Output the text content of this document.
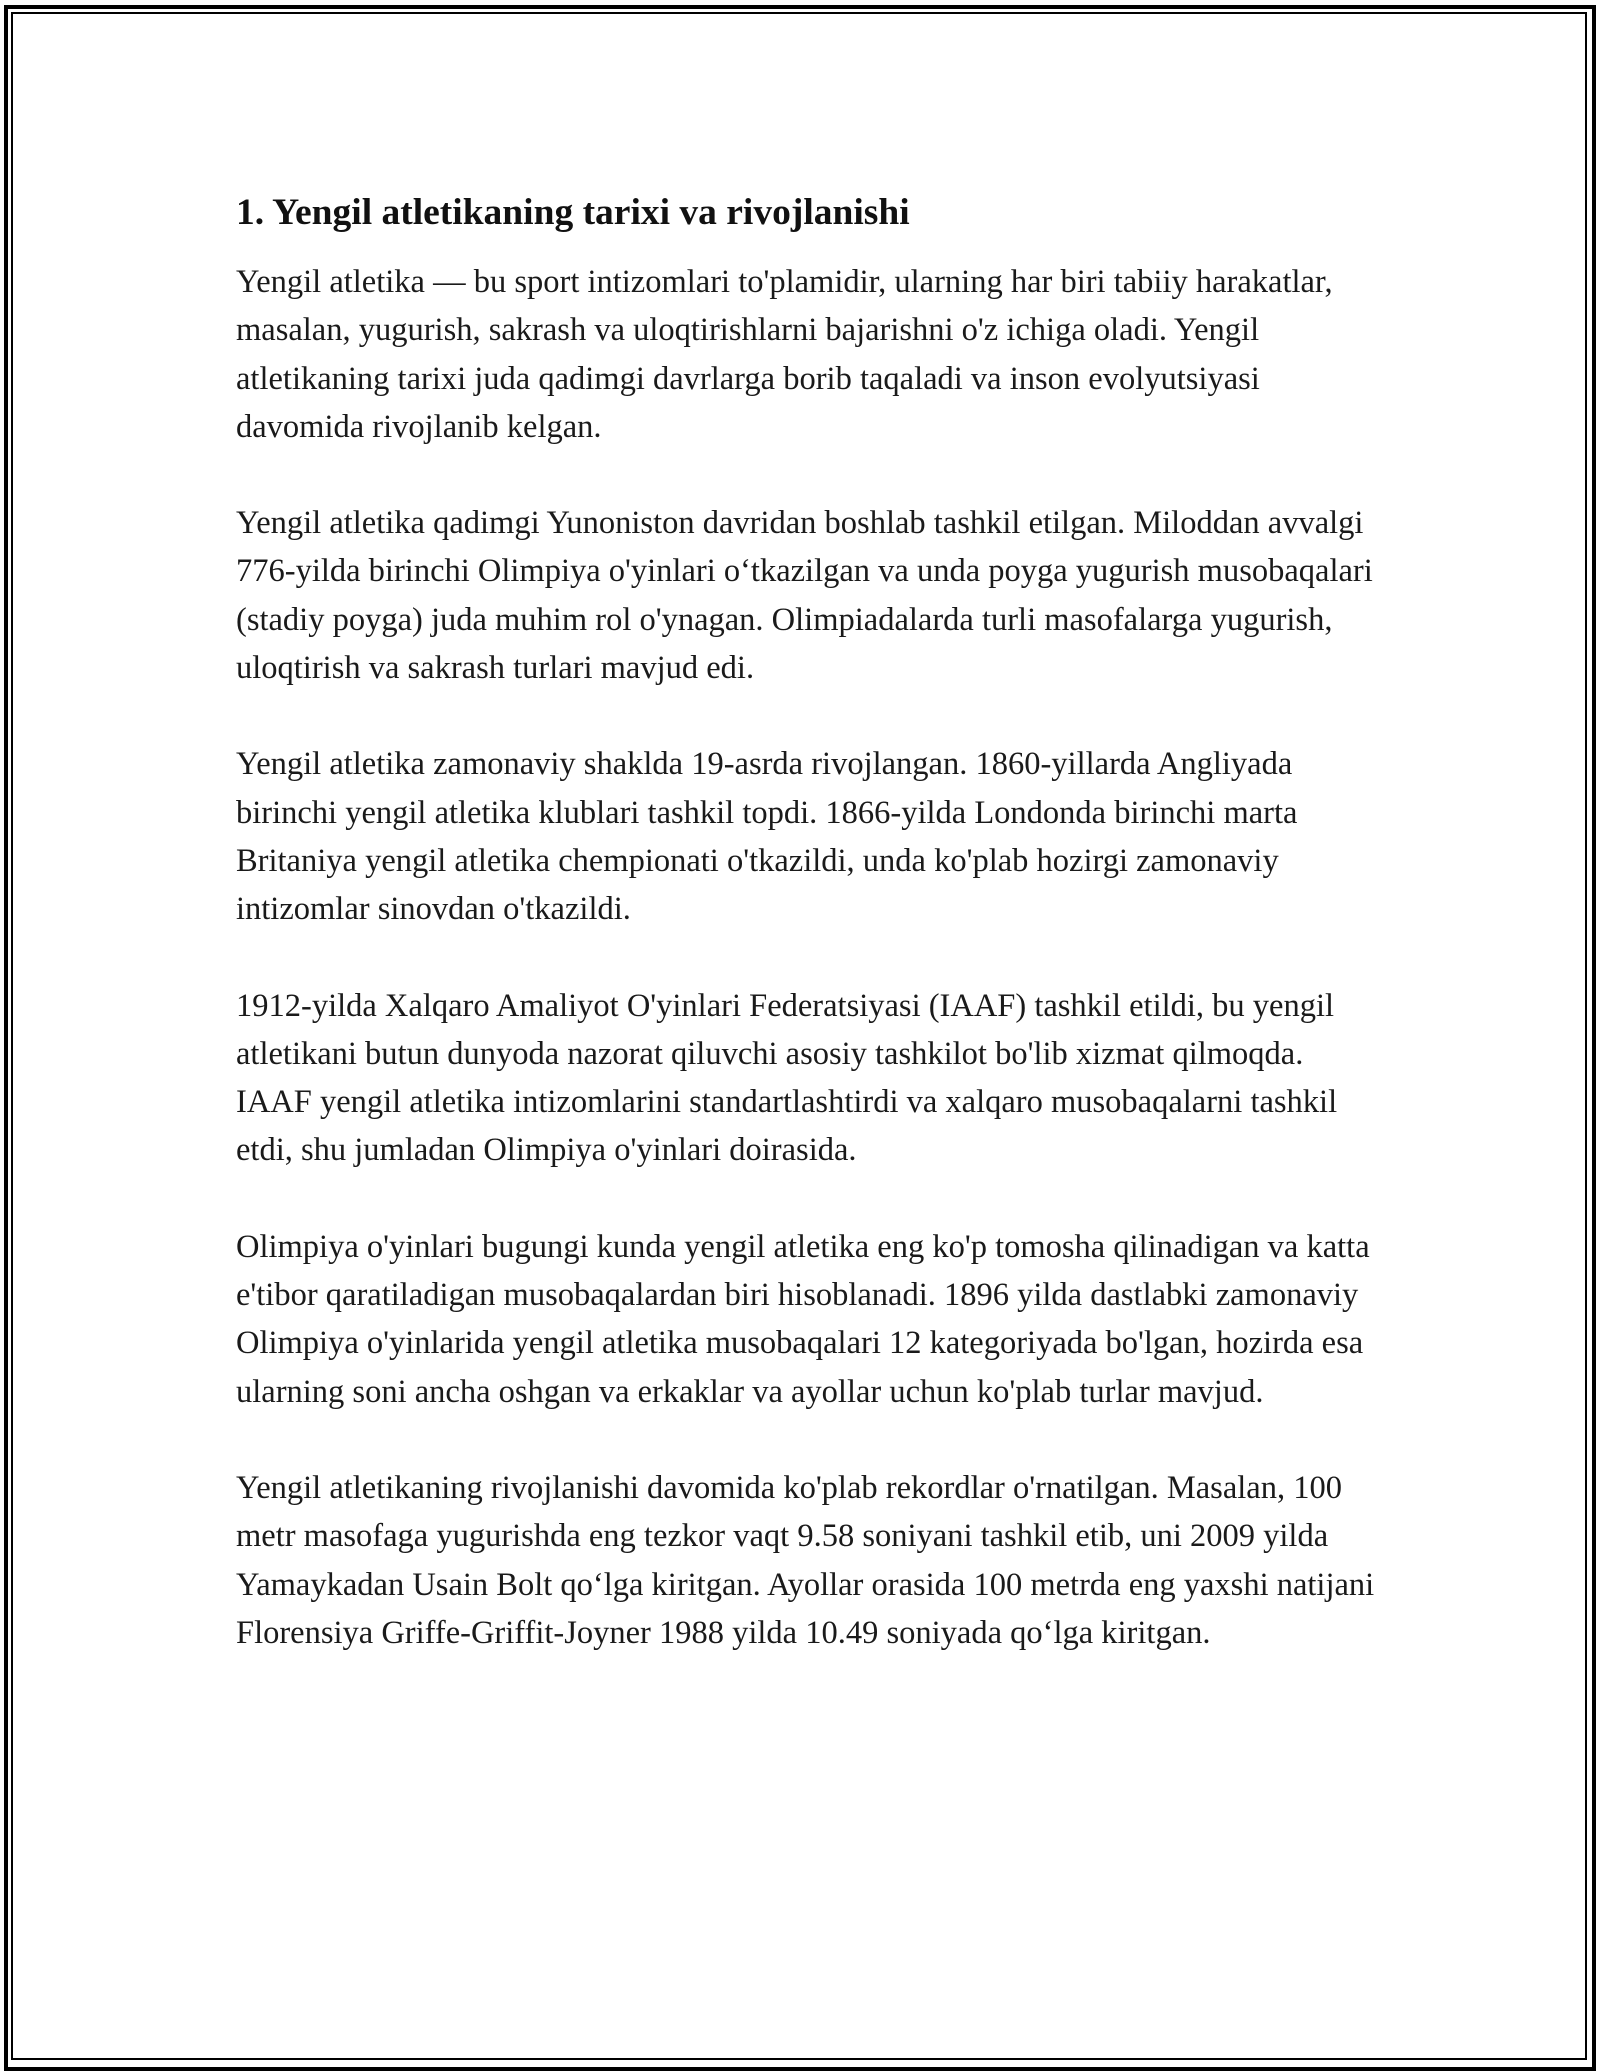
1. Yengil atletikaning tarixi va rivojlanishi

Yengil atletika — bu sport intizomlari to'plamidir, ularning har biri tabiiy harakatlar, masalan, yugurish, sakrash va uloqtirishlarni bajarishni o'z ichiga oladi. Yengil atletikaning tarixi juda qadimgi davrlarga borib taqaladi va inson evolyutsiyasi davomida rivojlanib kelgan.

Yengil atletika qadimgi Yunoniston davridan boshlab tashkil etilgan. Miloddan avvalgi 776-yilda birinchi Olimpiya o'yinlari o‘tkazilgan va unda poyga yugurish musobaqalari (stadiy poyga) juda muhim rol o'ynagan. Olimpiadalarda turli masofalarga yugurish, uloqtirish va sakrash turlari mavjud edi.

Yengil atletika zamonaviy shakldа 19-asrda rivojlangan. 1860-yillarda Angliyada birinchi yengil atletika klublari tashkil topdi. 1866-yilda Londonda birinchi marta Britaniya yengil atletika chempionati o'tkazildi, unda ko'plab hozirgi zamonaviy intizomlar sinovdan o'tkazildi.

1912-yilda Xalqaro Amaliyot O'yinlari Federatsiyasi (IAAF) tashkil etildi, bu yengil atletikani butun dunyoda nazorat qiluvchi asosiy tashkilot bo'lib xizmat qilmoqda. IAAF yengil atletika intizomlarini standartlashtirdi va xalqaro musobaqalarni tashkil etdi, shu jumladan Olimpiya o'yinlari doirasida.

Olimpiya o'yinlari bugungi kunda yengil atletika eng ko'p tomosha qilinadigan va katta e'tibor qaratiladigan musobaqalardan biri hisoblanadi. 1896 yilda dastlabki zamonaviy Olimpiya o'yinlarida yengil atletika musobaqalari 12 kategoriyada bo'lgan, hozirda esa ularning soni ancha oshgan va erkaklar va ayollar uchun ko'plab turlar mavjud.

Yengil atletikaning rivojlanishi davomida ko'plab rekordlar o'rnatilgan. Masalan, 100 metr masofaga yugurishda eng tezkor vaqt 9.58 soniyani tashkil etib, uni 2009 yilda Yamaykadan Usain Bolt qo‘lga kiritgan. Ayollar orasida 100 metrda eng yaxshi natijani Florensiya Griffe-Griffit-Joyner 1988 yilda 10.49 soniyada qo‘lga kiritgan.
